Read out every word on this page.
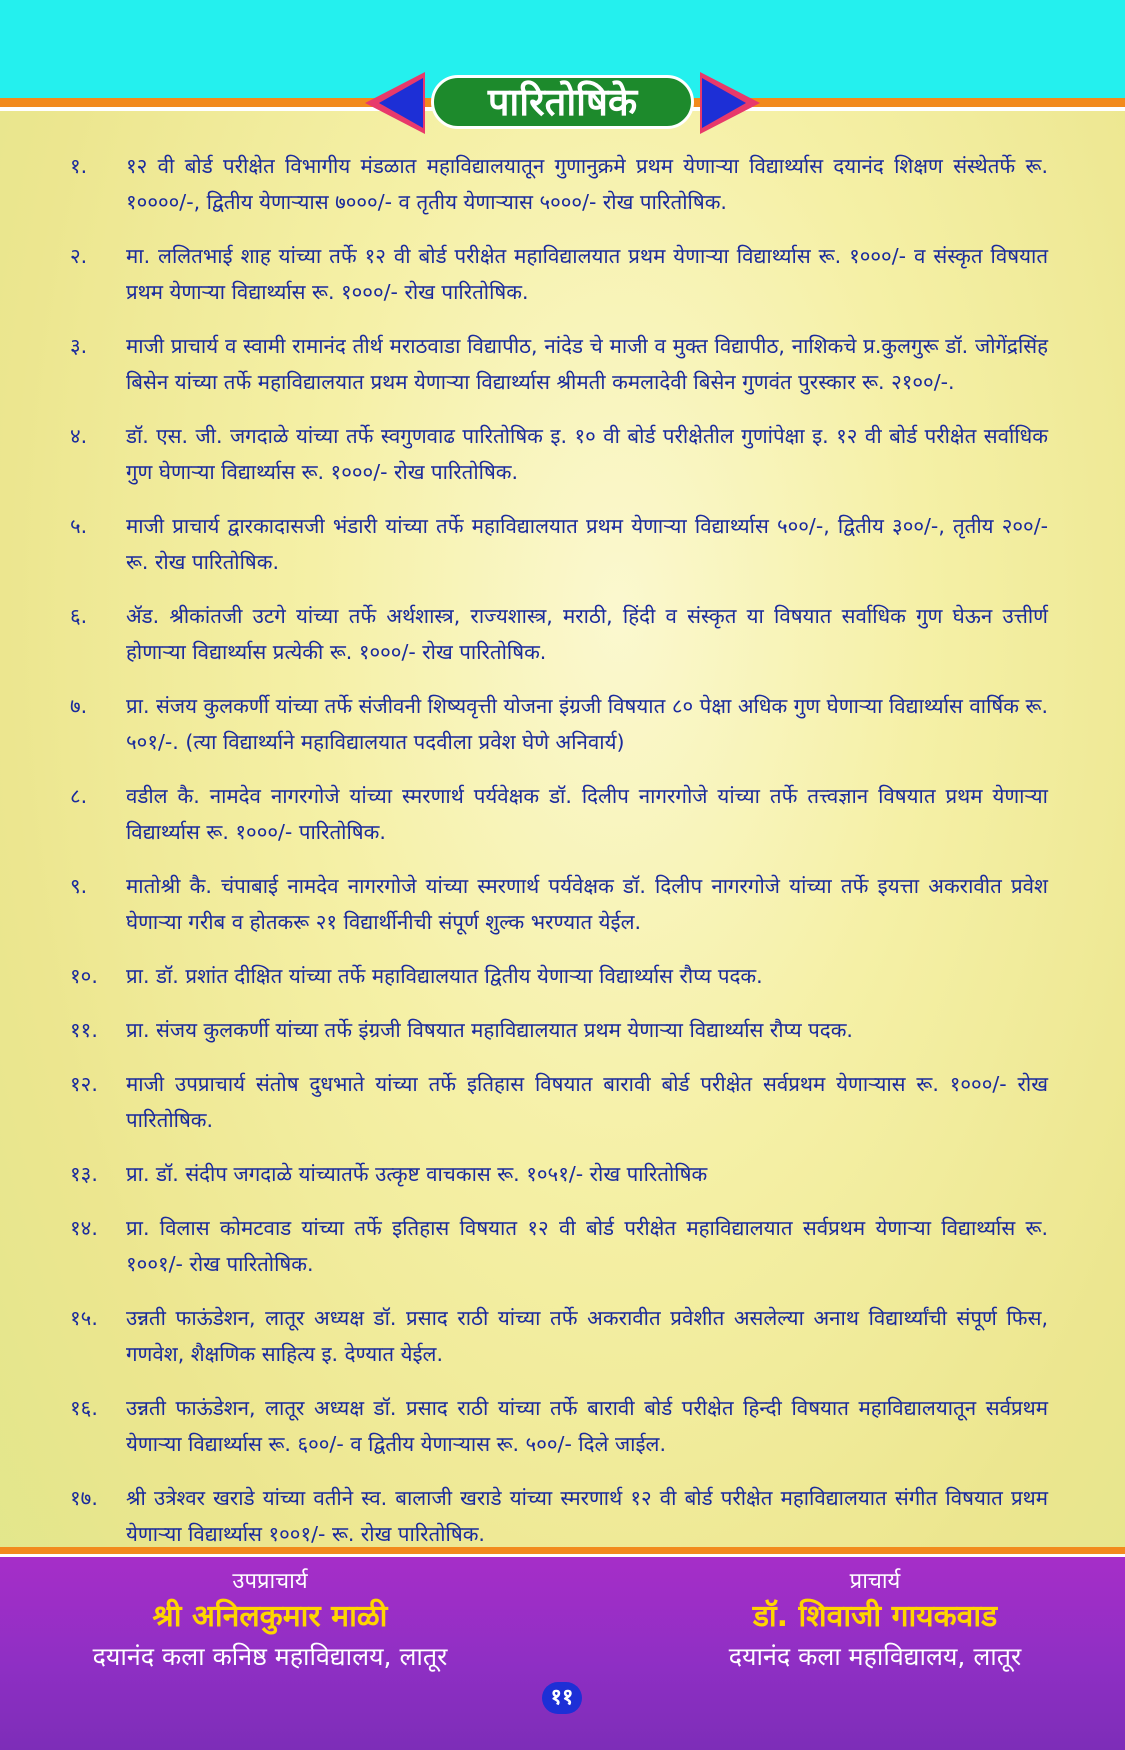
पारितोषिके
१.	१२ वी बोर्ड परीक्षेत विभागीय मंडळात महाविद्यालयातून गुणानुक्रमे प्रथम येणाऱ्या विद्यार्थ्यास दयानंद शिक्षण संस्थेतर्फे रू. १००००/-, द्वितीय येणाऱ्यास ७०००/- व तृतीय येणाऱ्यास ५०००/- रोख पारितोषिक.
२.	मा. ललितभाई शाह यांच्या तर्फे १२ वी बोर्ड परीक्षेत महाविद्यालयात प्रथम येणाऱ्या विद्यार्थ्यास रू. १०००/- व संस्कृत विषयात प्रथम येणाऱ्या विद्यार्थ्यास रू. १०००/- रोख पारितोषिक.
३.	माजी प्राचार्य व स्वामी रामानंद तीर्थ मराठवाडा विद्यापीठ, नांदेड चे माजी व मुक्त विद्यापीठ, नाशिकचे प्र.कुलगुरू डॉ. जोगेंद्रसिंह बिसेन यांच्या तर्फे महाविद्यालयात प्रथम येणाऱ्या विद्यार्थ्यास श्रीमती कमलादेवी बिसेन गुणवंत पुरस्कार रू. २१००/-.
४.	डॉ. एस. जी. जगदाळे यांच्या तर्फे स्वगुणवाढ पारितोषिक इ. १० वी बोर्ड परीक्षेतील गुणांपेक्षा इ. १२ वी बोर्ड परीक्षेत सर्वाधिक गुण घेणाऱ्या विद्यार्थ्यास रू. १०००/- रोख पारितोषिक.
५.	माजी प्राचार्य द्वारकादासजी भंडारी यांच्या तर्फे महाविद्यालयात प्रथम येणाऱ्या विद्यार्थ्यास ५००/-, द्वितीय ३००/-, तृतीय २००/- रू. रोख पारितोषिक.
६.	ॲड. श्रीकांतजी उटगे यांच्या तर्फे अर्थशास्त्र, राज्यशास्त्र, मराठी, हिंदी व संस्कृत या विषयात सर्वाधिक गुण घेऊन उत्तीर्ण होणाऱ्या विद्यार्थ्यास प्रत्येकी रू. १०००/- रोख पारितोषिक.
७.	प्रा. संजय कुलकर्णी यांच्या तर्फे संजीवनी शिष्यवृत्ती योजना इंग्रजी विषयात ८० पेक्षा अधिक गुण घेणाऱ्या विद्यार्थ्यास वार्षिक रू. ५०१/-. (त्या विद्यार्थ्याने महाविद्यालयात पदवीला प्रवेश घेणे अनिवार्य)
८.	वडील कै. नामदेव नागरगोजे यांच्या स्मरणार्थ पर्यवेक्षक डॉ. दिलीप नागरगोजे यांच्या तर्फे तत्त्वज्ञान विषयात प्रथम येणाऱ्या विद्यार्थ्यास रू. १०००/- पारितोषिक.
९.	मातोश्री कै. चंपाबाई नामदेव नागरगोजे यांच्या स्मरणार्थ पर्यवेक्षक डॉ. दिलीप नागरगोजे यांच्या तर्फे इयत्ता अकरावीत प्रवेश घेणाऱ्या गरीब व होतकरू २१ विद्यार्थीनीची संपूर्ण शुल्क भरण्यात येईल.
१०.	प्रा. डॉ. प्रशांत दीक्षित यांच्या तर्फे महाविद्यालयात द्वितीय येणाऱ्या विद्यार्थ्यास रौप्य पदक.
११.	प्रा. संजय कुलकर्णी यांच्या तर्फे इंग्रजी विषयात महाविद्यालयात प्रथम येणाऱ्या विद्यार्थ्यास रौप्य पदक.
१२.	माजी उपप्राचार्य संतोष दुधभाते यांच्या तर्फे इतिहास विषयात बारावी बोर्ड परीक्षेत सर्वप्रथम येणाऱ्यास रू. १०००/- रोख पारितोषिक.
१३.	प्रा. डॉ. संदीप जगदाळे यांच्यातर्फे उत्कृष्ट वाचकास रू. १०५१/- रोख पारितोषिक
१४.	प्रा. विलास कोमटवाड यांच्या तर्फे इतिहास विषयात १२ वी बोर्ड परीक्षेत महाविद्यालयात सर्वप्रथम येणाऱ्या विद्यार्थ्यास रू. १००१/- रोख पारितोषिक.
१५.	उन्नती फाऊंडेशन, लातूर अध्यक्ष डॉ. प्रसाद राठी यांच्या तर्फे अकरावीत प्रवेशीत असलेल्या अनाथ विद्यार्थ्यांची संपूर्ण फिस, गणवेश, शैक्षणिक साहित्य इ. देण्यात येईल.
१६.	उन्नती फाऊंडेशन, लातूर अध्यक्ष डॉ. प्रसाद राठी यांच्या तर्फे बारावी बोर्ड परीक्षेत हिन्दी विषयात महाविद्यालयातून सर्वप्रथम येणाऱ्या विद्यार्थ्यास रू. ६००/- व द्वितीय येणाऱ्यास रू. ५००/- दिले जाईल.
१७.	श्री उत्रेश्वर खराडे यांच्या वतीने स्व. बालाजी खराडे यांच्या स्मरणार्थ १२ वी बोर्ड परीक्षेत महाविद्यालयात संगीत विषयात प्रथम येणाऱ्या विद्यार्थ्यास १००१/- रू. रोख पारितोषिक.
उपप्राचार्य
श्री अनिलकुमार माळी
दयानंद कला कनिष्ठ महाविद्यालय, लातूर
प्राचार्य
डॉ. शिवाजी गायकवाड
दयानंद कला महाविद्यालय, लातूर
११
